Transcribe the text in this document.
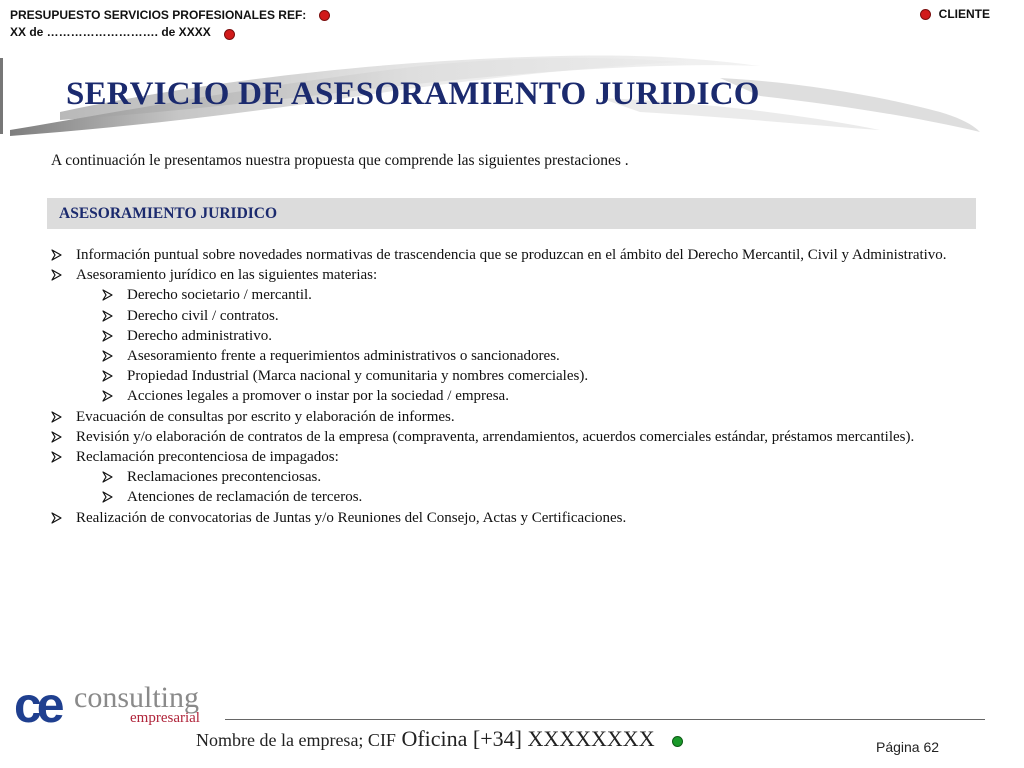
PRESUPUESTO SERVICIOS PROFESIONALES REF:
XX de ………………………. de XXXX
CLIENTE
SERVICIO DE ASESORAMIENTO JURIDICO
A continuación le presentamos nuestra propuesta que comprende las siguientes prestaciones .
ASESORAMIENTO JURIDICO
Información puntual sobre novedades normativas de trascendencia que se produzcan en el ámbito del Derecho Mercantil, Civil y Administrativo.
Asesoramiento jurídico en las siguientes materias:
Derecho societario / mercantil.
Derecho civil / contratos.
Derecho administrativo.
Asesoramiento frente a requerimientos administrativos o sancionadores.
Propiedad Industrial (Marca nacional y comunitaria y nombres comerciales).
Acciones legales a promover o instar por la sociedad / empresa.
Evacuación de consultas por escrito y elaboración de informes.
Revisión y/o elaboración de contratos de la empresa (compraventa, arrendamientos, acuerdos comerciales estándar, préstamos mercantiles).
Reclamación precontenciosa de impagados:
Reclamaciones precontenciosas.
Atenciones de reclamación de terceros.
Realización de convocatorias de Juntas y/o Reuniones del Consejo, Actas y Certificaciones.
ce consulting
empresarial
Nombre de la empresa; CIF Oficina [+34] XXXXXXXX	Página 62
